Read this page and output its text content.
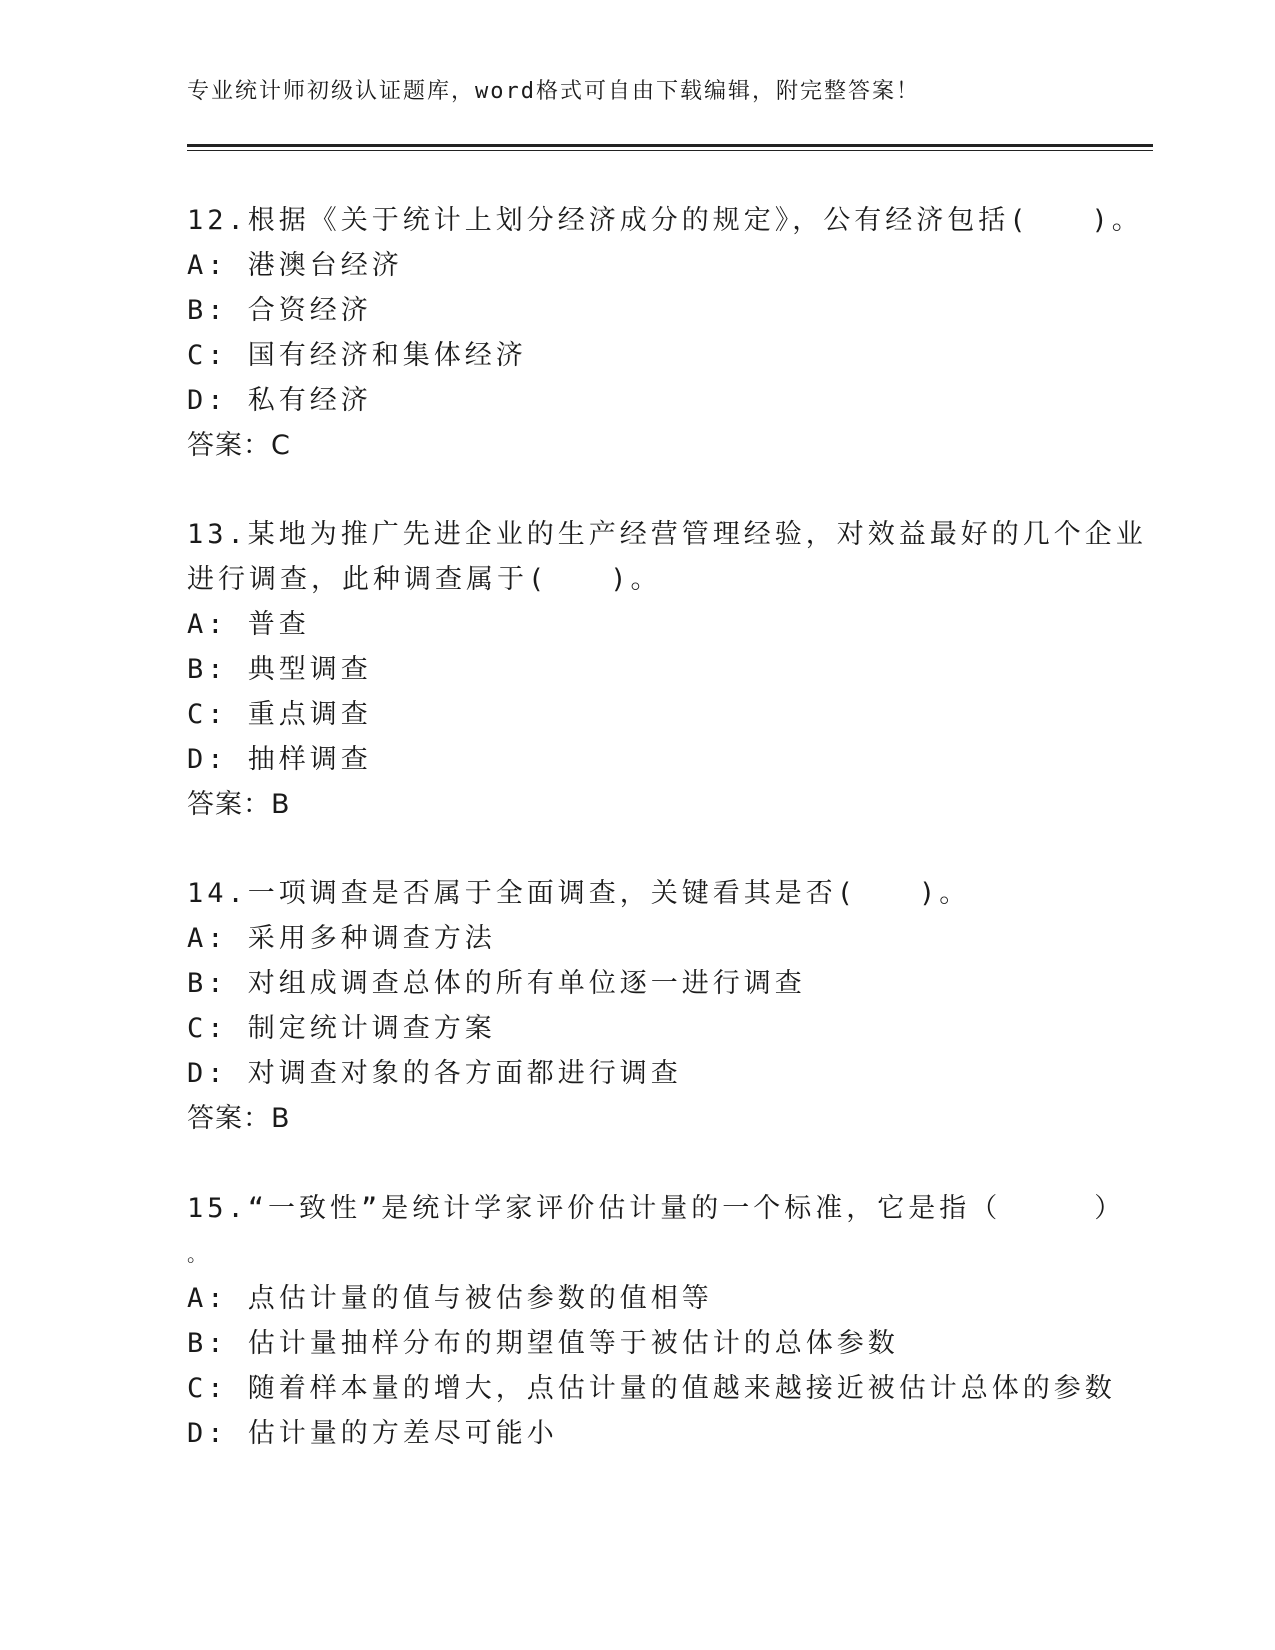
专业统计师初级认证题库，word格式可自由下载编辑，附完整答案！
12.根据《关于统计上划分经济成分的规定》，公有经济包括(　　)。
A: 港澳台经济
B: 合资经济
C: 国有经济和集体经济
D: 私有经济
答案：C
13.某地为推广先进企业的生产经营管理经验，对效益最好的几个企业
进行调查，此种调查属于(　　)。
A: 普查
B: 典型调查
C: 重点调查
D: 抽样调查
答案：B
14.一项调查是否属于全面调查，关键看其是否(　　)。
A: 采用多种调查方法
B: 对组成调查总体的所有单位逐一进行调查
C: 制定统计调查方案
D: 对调查对象的各方面都进行调查
答案：B
15.“一致性”是统计学家评价估计量的一个标准，它是指（　　　）
。
A: 点估计量的值与被估参数的值相等
B: 估计量抽样分布的期望值等于被估计的总体参数
C: 随着样本量的增大，点估计量的值越来越接近被估计总体的参数
D: 估计量的方差尽可能小
